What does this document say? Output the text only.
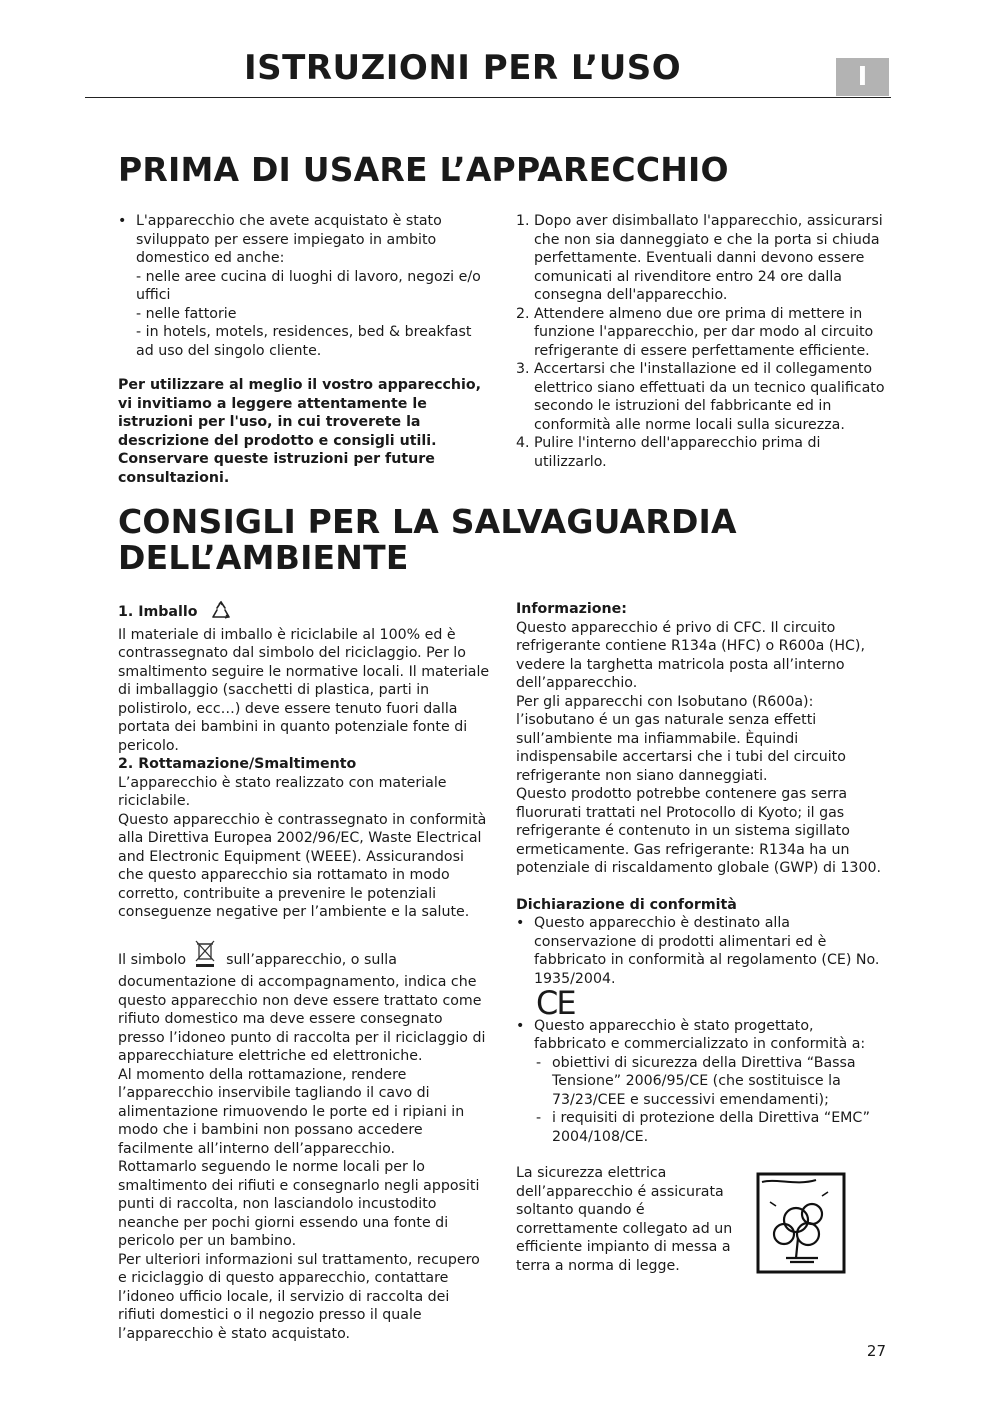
ISTRUZIONI PER L’USO	I
PRIMA DI USARE L’APPARECCHIO
• L'apparecchio che avete acquistato è stato sviluppato per essere impiegato in ambito domestico ed anche:
- nelle aree cucina di luoghi di lavoro, negozi e/o uffici
- nelle fattorie
- in hotels, motels, residences, bed & breakfast ad uso del singolo cliente.

Per utilizzare al meglio il vostro apparecchio, vi invitiamo a leggere attentamente le istruzioni per l'uso, in cui troverete la descrizione del prodotto e consigli utili. Conservare queste istruzioni per future consultazioni.

1. Dopo aver disimballato l'apparecchio, assicurarsi che non sia danneggiato e che la porta si chiuda perfettamente. Eventuali danni devono essere comunicati al rivenditore entro 24 ore dalla consegna dell'apparecchio.
2. Attendere almeno due ore prima di mettere in funzione l'apparecchio, per dar modo al circuito refrigerante di essere perfettamente efficiente.
3. Accertarsi che l'installazione ed il collegamento elettrico siano effettuati da un tecnico qualificato secondo le istruzioni del fabbricante ed in conformità alle norme locali sulla sicurezza.
4. Pulire l'interno dell'apparecchio prima di utilizzarlo.
CONSIGLI PER LA SALVAGUARDIA
DELL’AMBIENTE

1. Imballo

Il materiale di imballo è riciclabile al 100% ed è contrassegnato dal simbolo del riciclaggio. Per lo smaltimento seguire le normative locali. Il materiale di imballaggio (sacchetti di plastica, parti in polistirolo, ecc…) deve essere tenuto fuori dalla portata dei bambini in quanto potenziale fonte di pericolo.

2. Rottamazione/Smaltimento

L’apparecchio è stato realizzato con materiale riciclabile.

Questo apparecchio è contrassegnato in conformità alla Direttiva Europea 2002/96/EC, Waste Electrical and Electronic Equipment (WEEE). Assicurandosi che questo apparecchio sia rottamato in modo corretto, contribuite a prevenire le potenziali conseguenze negative per l’ambiente e la salute.

Il simbolo	sull’apparecchio, o sulla documentazione di accompagnamento, indica che questo apparecchio non deve essere trattato come rifiuto domestico ma deve essere consegnato presso l’idoneo punto di raccolta per il riciclaggio di apparecchiature elettriche ed elettroniche.

Al momento della rottamazione, rendere l’apparecchio inservibile tagliando il cavo di alimentazione rimuovendo le porte ed i ripiani in modo che i bambini non possano accedere facilmente all’interno dell’apparecchio.

Rottamarlo seguendo le norme locali per lo smaltimento dei rifiuti e consegnarlo negli appositi punti di raccolta, non lasciandolo incustodito neanche per pochi giorni essendo una fonte di pericolo per un bambino.

Per ulteriori informazioni sul trattamento, recupero e riciclaggio di questo apparecchio, contattare l’idoneo ufficio locale, il servizio di raccolta dei rifiuti domestici o il negozio presso il quale l’apparecchio è stato acquistato.

Informazione:

Questo apparecchio é privo di CFC. Il circuito refrigerante contiene R134a (HFC) o R600a (HC), vedere la targhetta matricola posta all’interno dell’apparecchio.

Per gli apparecchi con Isobutano (R600a): l’isobutano é un gas naturale senza effetti sull’ambiente ma infiammabile. Èquindi indispensabile accertarsi che i tubi del circuito refrigerante non siano danneggiati.

Questo prodotto potrebbe contenere gas serra fluorurati trattati nel Protocollo di Kyoto; il gas refrigerante é contenuto in un sistema sigillato ermeticamente. Gas refrigerante: R134a ha un potenziale di riscaldamento globale (GWP) di 1300.

Dichiarazione di conformità

• Questo apparecchio è destinato alla conservazione di prodotti alimentari ed è fabbricato in conformità al regolamento (CE) No. 1935/2004.
CE
• Questo apparecchio è stato progettato, fabbricato e commercializzato in conformità a:
- obiettivi di sicurezza della Direttiva “Bassa Tensione” 2006/95/CE (che sostituisce la 73/23/CEE e successivi emendamenti);
- i requisiti di protezione della Direttiva “EMC” 2004/108/CE.

La sicurezza elettrica dell’apparecchio é assicurata soltanto quando é correttamente collegato ad un efficiente impianto di messa a terra a norma di legge.

27
